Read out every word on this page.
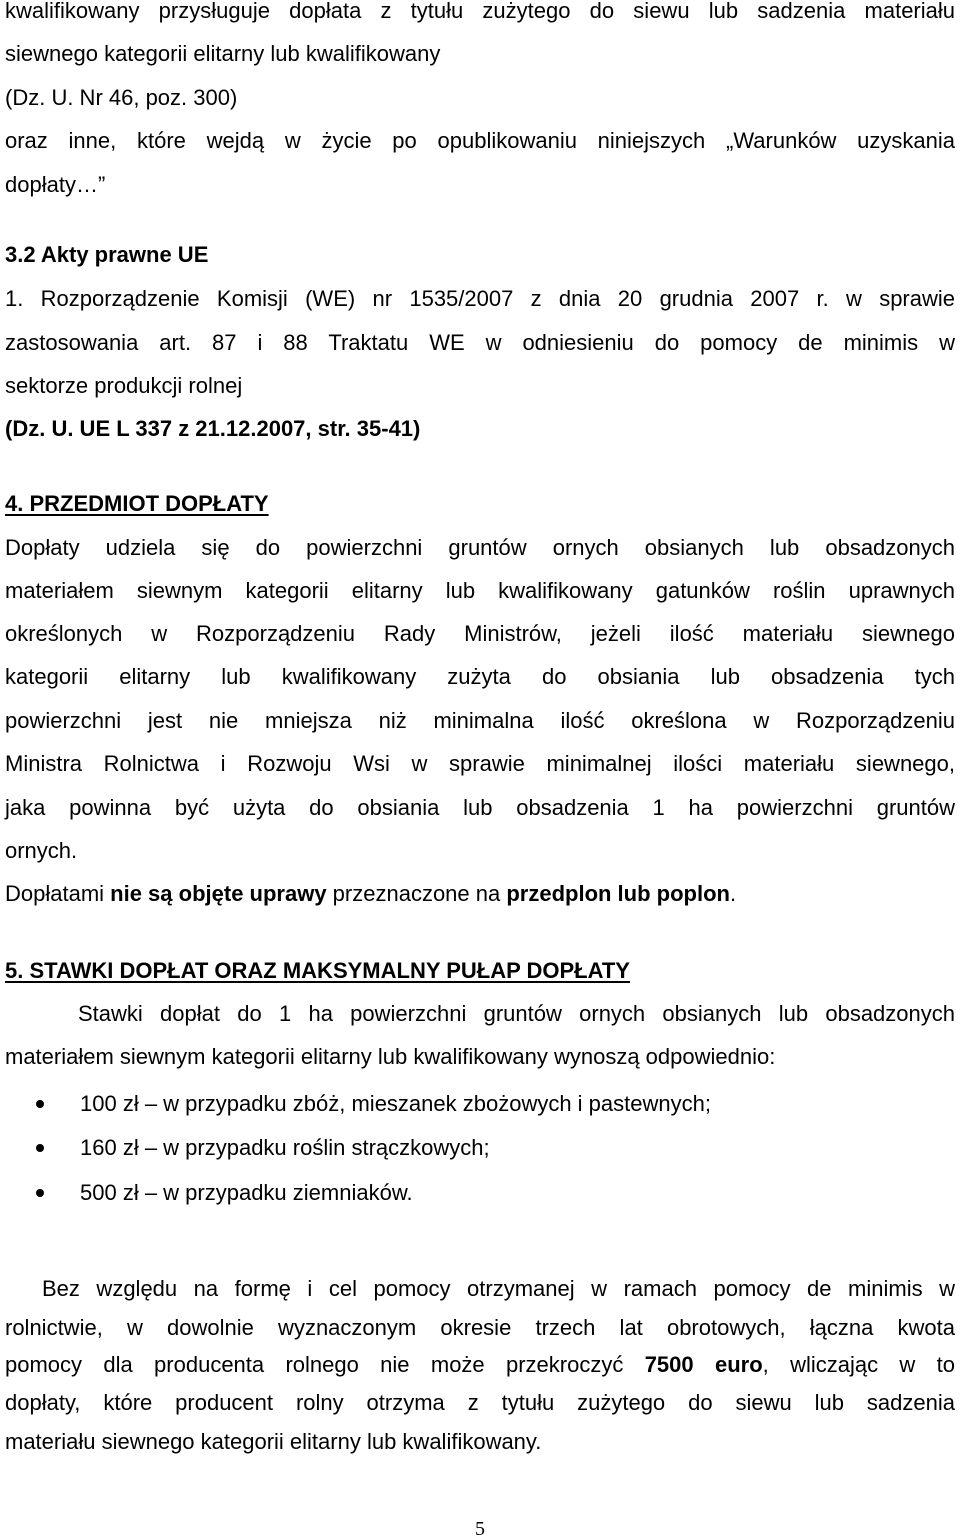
kwalifikowany przysługuje dopłata z tytułu zużytego do siewu lub sadzenia materiału
siewnego kategorii elitarny lub kwalifikowany
(Dz. U. Nr 46, poz. 300)
oraz inne, które wejdą w życie po opublikowaniu niniejszych „Warunków uzyskania
dopłaty…”
3.2 Akty prawne UE
1. Rozporządzenie Komisji (WE) nr 1535/2007 z dnia 20 grudnia 2007 r. w sprawie
zastosowania art. 87 i 88 Traktatu WE w odniesieniu do pomocy de minimis w
sektorze produkcji rolnej
(Dz. U. UE L 337 z 21.12.2007, str. 35-41)
4. PRZEDMIOT DOPŁATY
Dopłaty udziela się do powierzchni gruntów ornych obsianych lub obsadzonych
materiałem siewnym kategorii elitarny lub kwalifikowany gatunków roślin uprawnych
określonych w Rozporządzeniu Rady Ministrów, jeżeli ilość materiału siewnego
kategorii elitarny lub kwalifikowany zużyta do obsiania lub obsadzenia tych
powierzchni jest nie mniejsza niż minimalna ilość określona w Rozporządzeniu
Ministra Rolnictwa i Rozwoju Wsi w sprawie minimalnej ilości materiału siewnego,
jaka powinna być użyta do obsiania lub obsadzenia 1 ha powierzchni gruntów
ornych.
Dopłatami nie są objęte uprawy przeznaczone na przedplon lub poplon.
5. STAWKI DOPŁAT ORAZ MAKSYMALNY PUŁAP DOPŁATY
Stawki dopłat do 1 ha powierzchni gruntów ornych obsianych lub obsadzonych
materiałem siewnym kategorii elitarny lub kwalifikowany wynoszą odpowiednio:
100 zł – w przypadku zbóż, mieszanek zbożowych i pastewnych;
160 zł – w przypadku roślin strączkowych;
500 zł – w przypadku ziemniaków.
Bez względu na formę i cel pomocy otrzymanej w ramach pomocy de minimis w
rolnictwie, w dowolnie wyznaczonym okresie trzech lat obrotowych, łączna kwota
pomocy dla producenta rolnego nie może przekroczyć 7500 euro, wliczając w to
dopłaty, które producent rolny otrzyma z tytułu zużytego do siewu lub sadzenia
materiału siewnego kategorii elitarny lub kwalifikowany.
5
